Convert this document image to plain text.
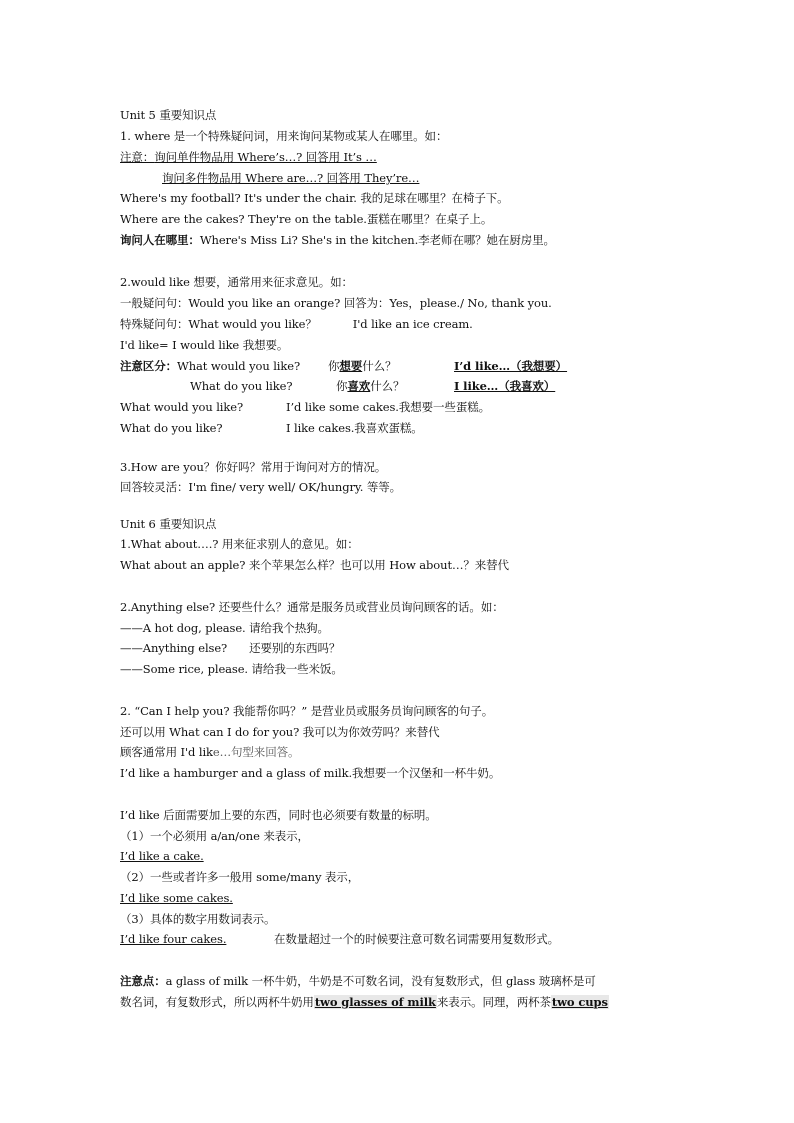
Unit 5 重要知识点
1. where 是一个特殊疑问词，用来询问某物或某人在哪里。如：
注意：询问单件物品用 Where’s…? 回答用 It’s …
询问多件物品用 Where are…? 回答用 They’re…
Where's my football? It's under the chair. 我的足球在哪里？在椅子下。
Where are the cakes? They're on the table.蛋糕在哪里？在桌子上。
询问人在哪里：Where's Miss Li? She's in the kitchen.李老师在哪？她在厨房里。
2.would like 想要，通常用来征求意见。如：
一般疑问句：Would you like an orange? 回答为：Yes，please./ No, thank you.
特殊疑问句：What would you like？	I'd like an ice cream.
I'd like= I would like 我想要。
注意区分：What would you like? 你想要什么？	I’d like…（我想要）
What do you like?	你喜欢什么？	I like…（我喜欢）
What would you like?	I’d like some cakes.我想要一些蛋糕。
What do you like?	I like cakes.我喜欢蛋糕。
3.How are you？你好吗？常用于询问对方的情况。
回答较灵活：I'm fine/ very well/ OK/hungry. 等等。
Unit 6 重要知识点
1.What about….? 用来征求别人的意见。如：
What about an apple? 来个苹果怎么样？也可以用 How about…？来替代
2.Anything else? 还要些什么？通常是服务员或营业员询问顾客的话。如：
——A hot dog, please. 请给我个热狗。
——Anything else? 还要别的东西吗？
——Some rice, please. 请给我一些米饭。
2. “Can I help you? 我能帮你吗？” 是营业员或服务员询问顾客的句子。
还可以用 What can I do for you? 我可以为你效劳吗？来替代
顾客通常用 I'd like…句型来回答。
I’d like a hamburger and a glass of milk.我想要一个汉堡和一杯牛奶。
I’d like 后面需要加上要的东西，同时也必须要有数量的标明。
（1）一个必须用 a/an/one 来表示，
I’d like a cake.
（2）一些或者许多一般用 some/many 表示，
I’d like some cakes.
（3）具体的数字用数词表示。
I’d like four cakes.	在数量超过一个的时候要注意可数名词需要用复数形式。
注意点：a glass of milk 一杯牛奶，牛奶是不可数名词，没有复数形式，但 glass 玻璃杯是可
数名词，有复数形式，所以两杯牛奶用two glasses of milk来表示。同理，两杯茶two cups
